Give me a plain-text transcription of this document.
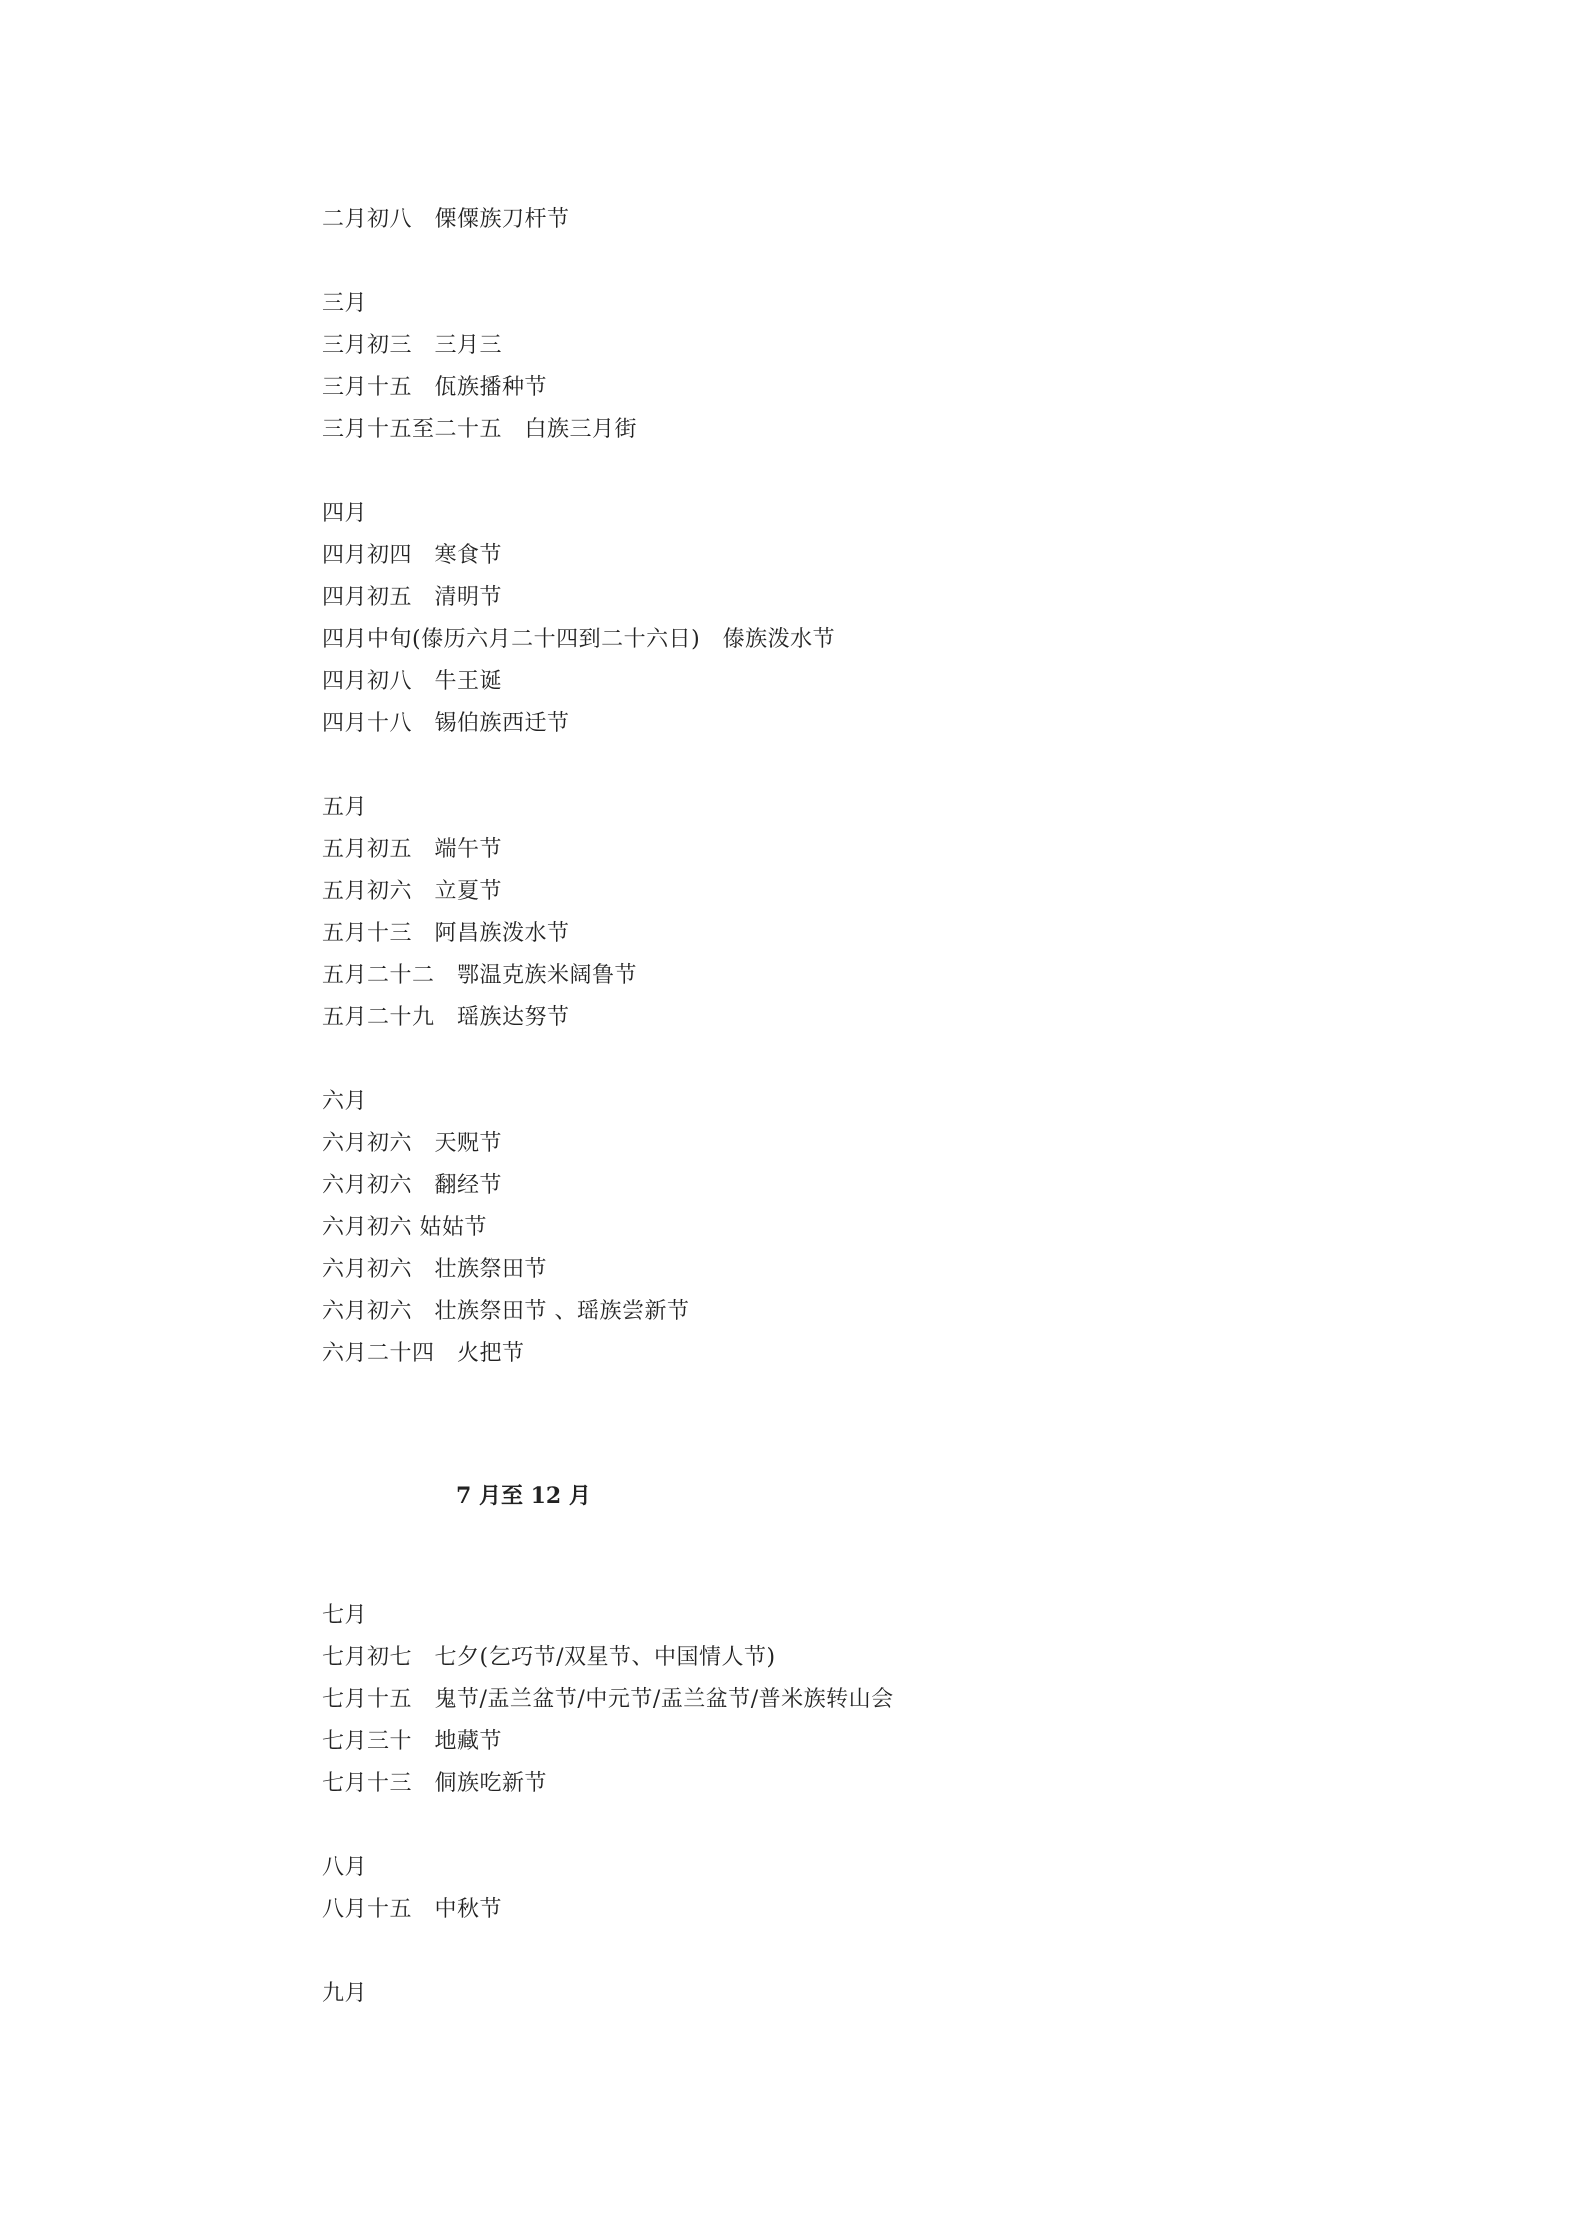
二月初八　傈僳族刀杆节
三月
三月初三　三月三
三月十五　佤族播种节
三月十五至二十五　白族三月街
四月
四月初四　寒食节
四月初五　清明节
四月中旬(傣历六月二十四到二十六日)　傣族泼水节
四月初八　牛王诞
四月十八　锡伯族西迁节
五月
五月初五　端午节
五月初六　立夏节
五月十三　阿昌族泼水节
五月二十二　鄂温克族米阔鲁节
五月二十九　瑶族达努节
六月
六月初六　天贶节
六月初六　翻经节
六月初六 姑姑节
六月初六　壮族祭田节
六月初六　壮族祭田节 、瑶族尝新节
六月二十四　火把节
7 月至 12 月
七月
七月初七　七夕(乞巧节/双星节、中国情人节)
七月十五　鬼节/盂兰盆节/中元节/盂兰盆节/普米族转山会
七月三十　地藏节
七月十三　侗族吃新节
八月
八月十五　中秋节
九月
